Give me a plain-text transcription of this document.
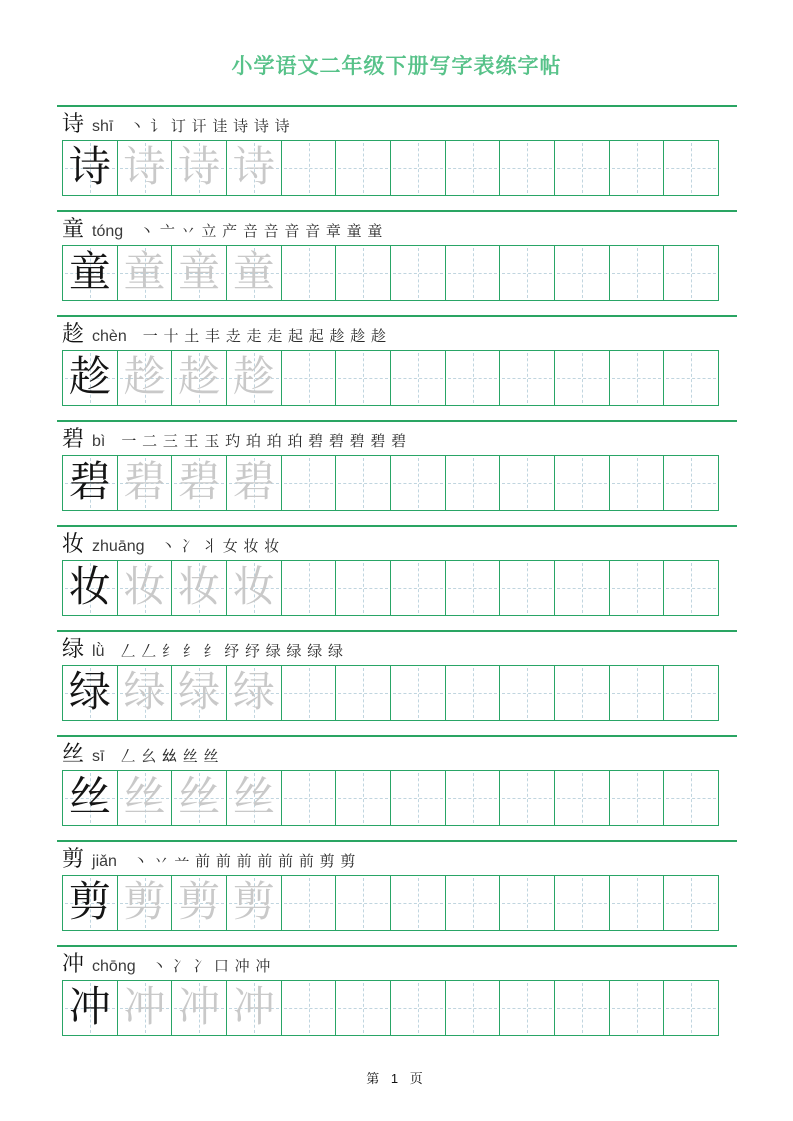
小学语文二年级下册写字表练字帖
诗 shī 丶 讠 订 讦 诖 诗 诗 诗
诗 诗 诗 诗
童 tóng 丶 亠 丷 立 产 咅 咅 音 音 章 童 童
童 童 童 童
趁 chèn 一 十 土 丰 赱 走 走 起 起 趁 趁 趁
趁 趁 趁 趁
碧 bì 一 二 三 王 玉 玓 珀 珀 珀 碧 碧 碧 碧 碧
碧 碧 碧 碧
妆 zhuāng 丶 冫 丬 女 妆 妆
妆 妆 妆 妆
绿 lǜ 𠃋 𠃋 纟 纟 纟 纾 纾 绿 绿 绿 绿
绿 绿 绿 绿
丝 sī 𠃋 幺 𢆶 丝 丝
丝 丝 丝 丝
剪 jiǎn 丶 丷 䒑 前 前 前 前 前 前 剪 剪
剪 剪 剪 剪
冲 chōng 丶 冫 冫 口 冲 冲
冲 冲 冲 冲
第 1 页
